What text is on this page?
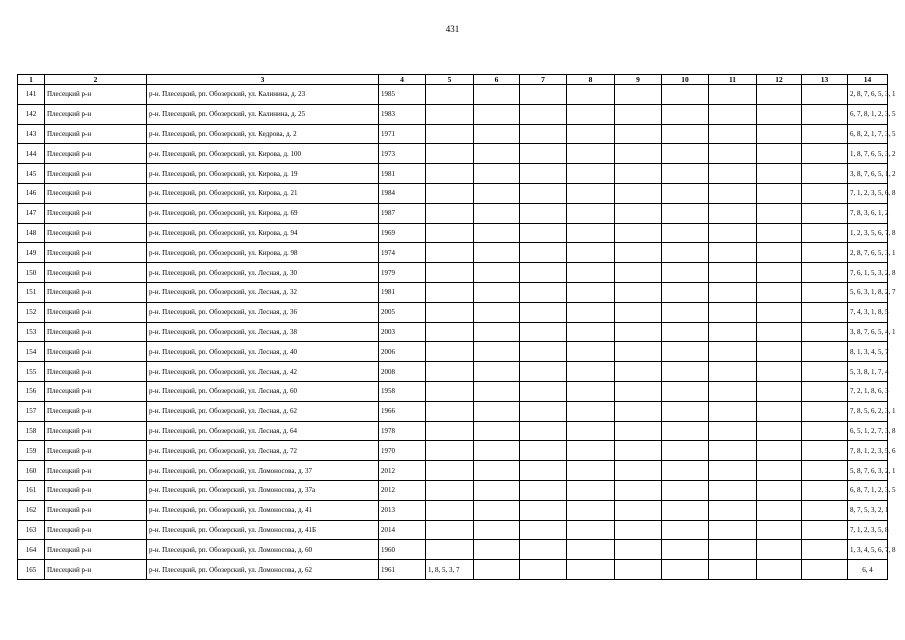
431
1	2	3	4	5	6	7	8	9	10	11	12	13	14
141	Плесецкий р-н	р-н. Плесецкий, рп. Обозерский, ул. Калинина, д. 23	1985										2, 8, 7, 6, 5, 3, 1
142	Плесецкий р-н	р-н. Плесецкий, рп. Обозерский, ул. Калинина, д. 25	1983										6, 7, 8, 1, 2, 3, 5
143	Плесецкий р-н	р-н. Плесецкий, рп. Обозерский, ул. Кедрова, д. 2	1971										6, 8, 2, 1, 7, 3, 5
144	Плесецкий р-н	р-н. Плесецкий, рп. Обозерский, ул. Кирова, д. 100	1973										1, 8, 7, 6, 5, 3, 2
145	Плесецкий р-н	р-н. Плесецкий, рп. Обозерский, ул. Кирова, д. 19	1981										3, 8, 7, 6, 5, 1, 2
146	Плесецкий р-н	р-н. Плесецкий, рп. Обозерский, ул. Кирова, д. 21	1984										7, 1, 2, 3, 5, 6, 8
147	Плесецкий р-н	р-н. Плесецкий, рп. Обозерский, ул. Кирова, д. 69	1987										7, 8, 3, 6, 1, 2
148	Плесецкий р-н	р-н. Плесецкий, рп. Обозерский, ул. Кирова, д. 94	1969										1, 2, 3, 5, 6, 7, 8
149	Плесецкий р-н	р-н. Плесецкий, рп. Обозерский, ул. Кирова, д. 98	1974										2, 8, 7, 6, 5, 3, 1
150	Плесецкий р-н	р-н. Плесецкий, рп. Обозерский, ул. Лесная, д. 30	1979										7, 6, 1, 5, 3, 2, 8
151	Плесецкий р-н	р-н. Плесецкий, рп. Обозерский, ул. Лесная, д. 32	1981										5, 6, 3, 1, 8, 2, 7
152	Плесецкий р-н	р-н. Плесецкий, рп. Обозерский, ул. Лесная, д. 36	2005										7, 4, 3, 1, 8, 5
153	Плесецкий р-н	р-н. Плесецкий, рп. Обозерский, ул. Лесная, д. 38	2003										3, 8, 7, 6, 5, 4, 1
154	Плесецкий р-н	р-н. Плесецкий, рп. Обозерский, ул. Лесная, д. 40	2006										8, 1, 3, 4, 5, 7
155	Плесецкий р-н	р-н. Плесецкий, рп. Обозерский, ул. Лесная, д. 42	2008										5, 3, 8, 1, 7, 4
156	Плесецкий р-н	р-н. Плесецкий, рп. Обозерский, ул. Лесная, д. 60	1958										7, 2, 1, 8, 6, 3
157	Плесецкий р-н	р-н. Плесецкий, рп. Обозерский, ул. Лесная, д. 62	1966										7, 8, 5, 6, 2, 3, 1
158	Плесецкий р-н	р-н. Плесецкий, рп. Обозерский, ул. Лесная, д. 64	1978										6, 5, 1, 2, 7, 3, 8
159	Плесецкий р-н	р-н. Плесецкий, рп. Обозерский, ул. Лесная, д. 72	1970										7, 8, 1, 2, 3, 5, 6
160	Плесецкий р-н	р-н. Плесецкий, рп. Обозерский, ул. Ломоносова, д. 37	2012										5, 8, 7, 6, 3, 2, 1
161	Плесецкий р-н	р-н. Плесецкий, рп. Обозерский, ул. Ломоносова, д. 37а	2012										6, 8, 7, 1, 2, 3, 5
162	Плесецкий р-н	р-н. Плесецкий, рп. Обозерский, ул. Ломоносова, д. 41	2013										8, 7, 5, 3, 2, 1
163	Плесецкий р-н	р-н. Плесецкий, рп. Обозерский, ул. Ломоносова, д. 41Б	2014										7, 1, 2, 3, 5, 8
164	Плесецкий р-н	р-н. Плесецкий, рп. Обозерский, ул. Ломоносова, д. 60	1960										1, 3, 4, 5, 6, 7, 8
165	Плесецкий р-н	р-н. Плесецкий, рп. Обозерский, ул. Ломоносова, д. 62	1961	1, 8, 5, 3, 7									6, 4
